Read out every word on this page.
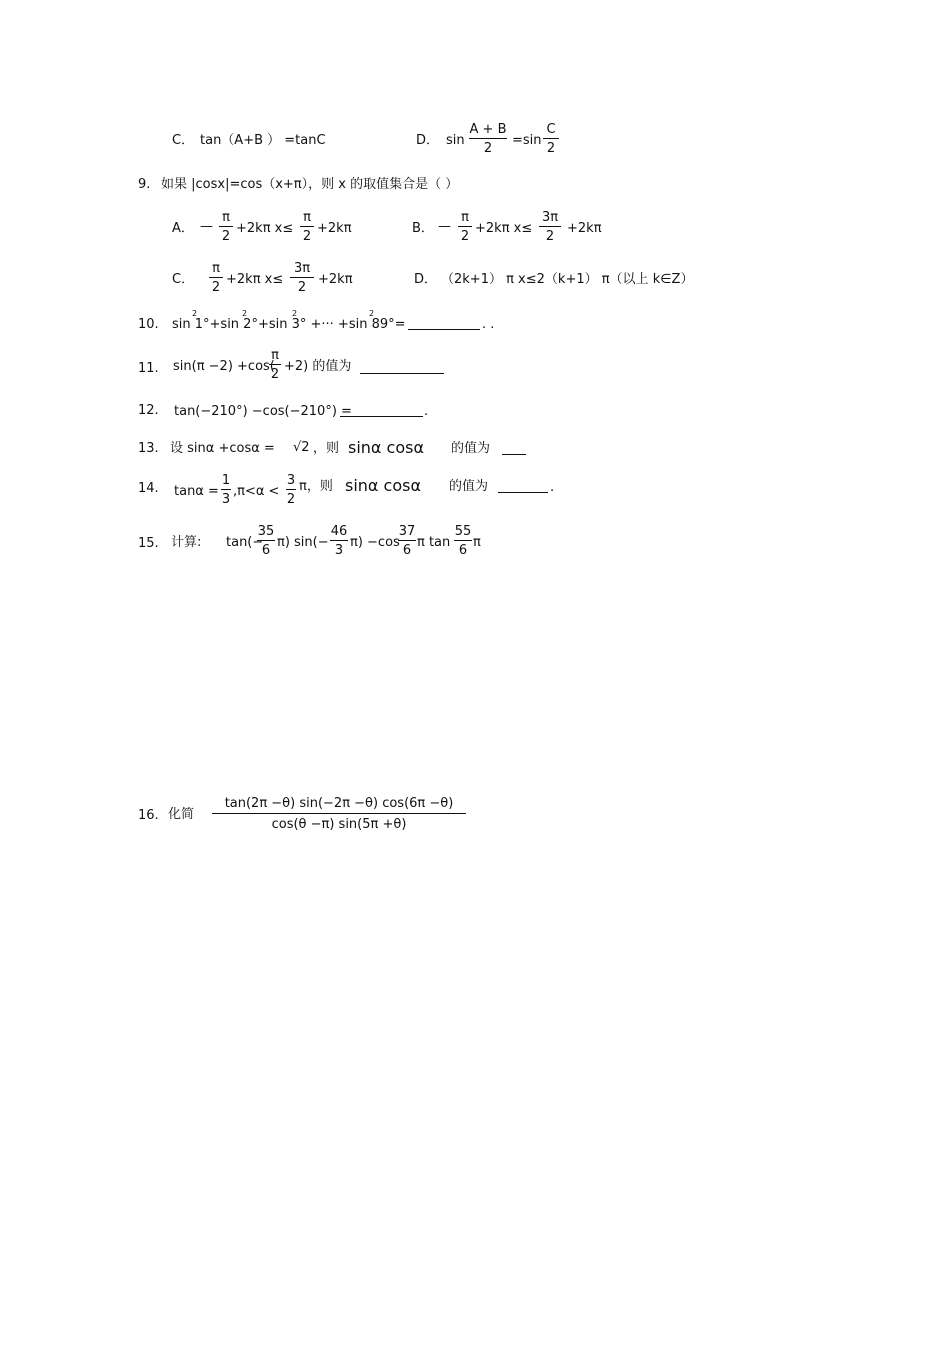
C． tan（A+B ） =tanC	D． sin
A + B
2
=sin
C
2
9. 如果 |cosx|=cos（x+π），则 x 的取值集合是（ ）
A． —
π
2
+2kπ x≤
π
2
+2kπ	B． —
π
2
+2kπ x≤
3π
2
+2kπ
C．
π
2
+2kπ x≤
3π
2
+2kπ	D． （2k+1） π x≤2（k+1） π（以上 k∈Z）
10. sin 1°+sin 2°+sin 3° +··· +sin 89°=
2	2	2	2
. .
11. sin(π −2) +cos(
π
2
+2) 的值为
12. tan(−210°) −cos(−210°) =	.
13. 设 sinα +cosα = √2 ，则 sinα cosα 的值为
14. tanα =
1
3
,π<α <
3
2
π，则 sinα cosα 的值为	.
15. 计算: tan(−
35
6
π) sin(−
46
3
π) −cos
37
6
π tan
55
6
π
16. 化简
tan(2π −θ) sin(−2π −θ) cos(6π −θ)
cos(θ −π) sin(5π +θ)
